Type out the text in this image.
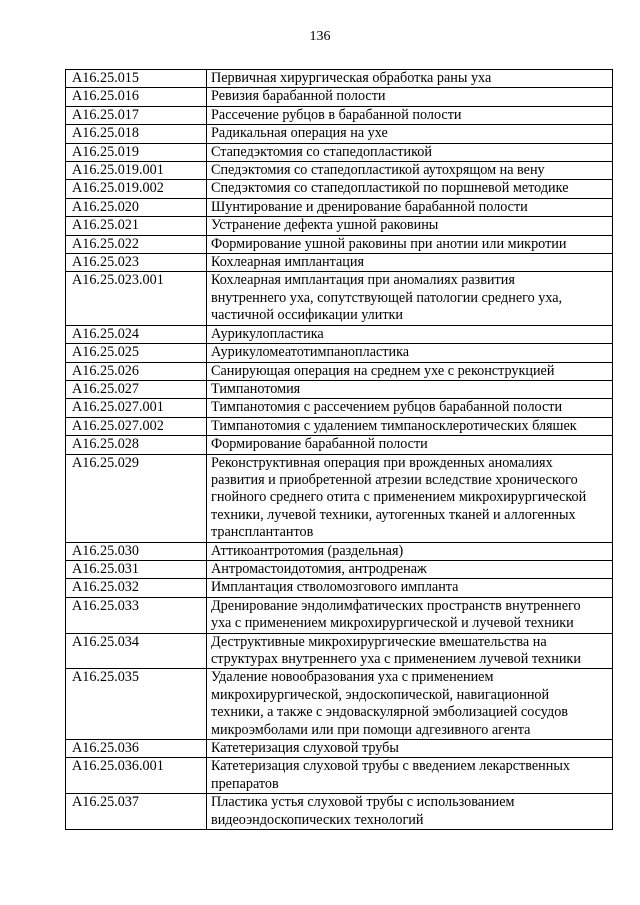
136
A16.25.015	Первичная хирургическая обработка раны уха
A16.25.016	Ревизия барабанной полости
A16.25.017	Рассечение рубцов в барабанной полости
A16.25.018	Радикальная операция на ухе
A16.25.019	Стапедэктомия со стапедопластикой
A16.25.019.001	Спедэктомия со стапедопластикой аутохрящом на вену
A16.25.019.002	Спедэктомия со стапедопластикой по поршневой методике
A16.25.020	Шунтирование и дренирование барабанной полости
A16.25.021	Устранение дефекта ушной раковины
A16.25.022	Формирование ушной раковины при анотии или микротии
A16.25.023	Кохлеарная имплантация
A16.25.023.001	Кохлеарная имплантация при аномалиях развития
внутреннего уха, сопутствующей патологии среднего уха,
частичной оссификации улитки
A16.25.024	Аурикулопластика
A16.25.025	Аурикуломеатотимпанопластика
A16.25.026	Санирующая операция на среднем ухе с реконструкцией
A16.25.027	Тимпанотомия
A16.25.027.001	Тимпанотомия с рассечением рубцов барабанной полости
A16.25.027.002	Тимпанотомия с удалением тимпаносклеротических бляшек
A16.25.028	Формирование барабанной полости
A16.25.029	Реконструктивная операция при врожденных аномалиях
развития и приобретенной атрезии вследствие хронического
гнойного среднего отита с применением микрохирургической
техники, лучевой техники, аутогенных тканей и аллогенных
трансплантантов
A16.25.030	Аттикоантротомия (раздельная)
A16.25.031	Антромастоидотомия, антродренаж
A16.25.032	Имплантация стволомозгового импланта
A16.25.033	Дренирование эндолимфатических пространств внутреннего
уха с применением микрохирургической и лучевой техники
A16.25.034	Деструктивные микрохирургические вмешательства на
структурах внутреннего уха с применением лучевой техники
A16.25.035	Удаление новообразования уха с применением
микрохирургической, эндоскопической, навигационной
техники, а также с эндоваскулярной эмболизацией сосудов
микроэмболами или при помощи адгезивного агента
A16.25.036	Катетеризация слуховой трубы
A16.25.036.001	Катетеризация слуховой трубы с введением лекарственных
препаратов
A16.25.037	Пластика устья слуховой трубы с использованием
видеоэндоскопических технологий
